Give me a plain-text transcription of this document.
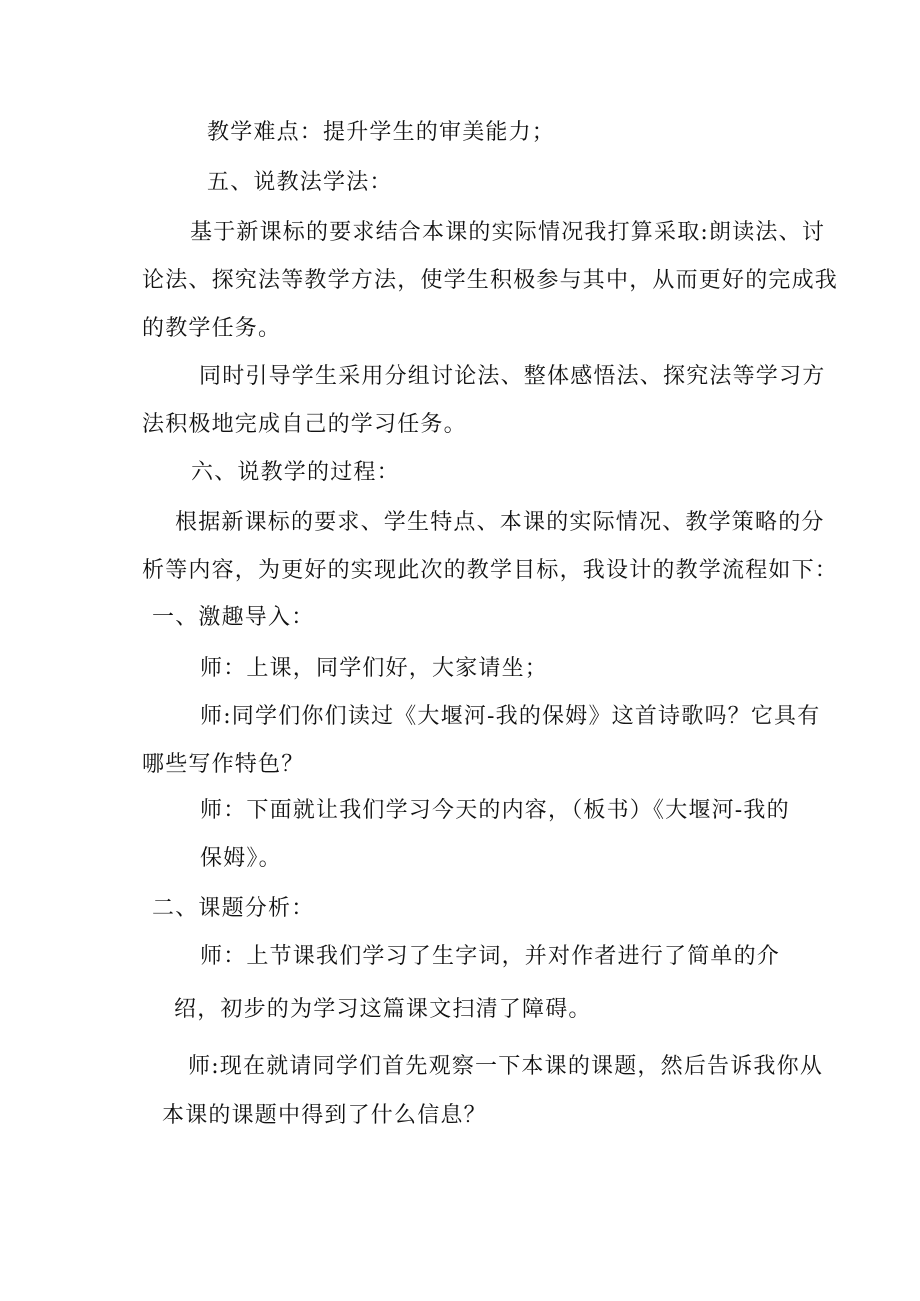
教学难点：提升学生的审美能力；
五、说教法学法：
基于新课标的要求结合本课的实际情况我打算采取:朗读法、讨
论法、探究法等教学方法，使学生积极参与其中，从而更好的完成我
的教学任务。
同时引导学生采用分组讨论法、整体感悟法、探究法等学习方
法积极地完成自己的学习任务。
六、说教学的过程：
根据新课标的要求、学生特点、本课的实际情况、教学策略的分
析等内容，为更好的实现此次的教学目标，我设计的教学流程如下：
一、激趣导入：
师：上课，同学们好，大家请坐；
师:同学们你们读过《大堰河-我的保姆》这首诗歌吗？它具有
哪些写作特色？
师：下面就让我们学习今天的内容，（板书）《大堰河-我的
保姆》。
二、课题分析：
师：上节课我们学习了生字词，并对作者进行了简单的介
绍，初步的为学习这篇课文扫清了障碍。
师:现在就请同学们首先观察一下本课的课题，然后告诉我你从
本课的课题中得到了什么信息？
